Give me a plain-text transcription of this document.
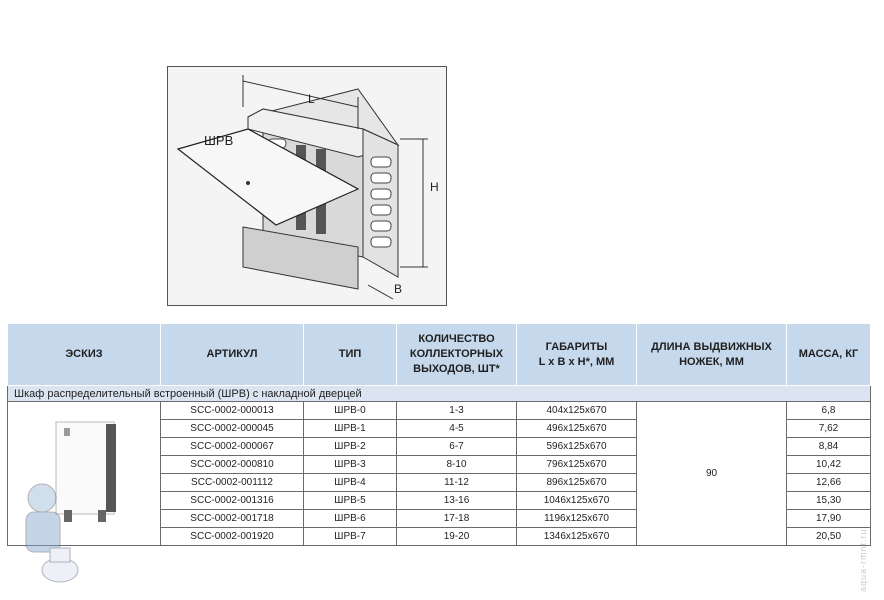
L
H
B
ШРВ
ЭСКИЗ	АРТИКУЛ	ТИП	КОЛИЧЕСТВО
КОЛЛЕКТОРНЫХ
ВЫХОДОВ, ШТ*	ГАБАРИТЫ
L x B x H*, ММ	ДЛИНА ВЫДВИЖНЫХ
НОЖЕК, ММ	МАССА, КГ
Шкаф распределительный встроенный (ШРВ) с накладной дверцей						
	SCC-0002-000013	ШРВ-0	1-3	404x125x670	90	6,8
	SCC-0002-000045	ШРВ-1	4-5	496x125x670		7,62
	SCC-0002-000067	ШРВ-2	6-7	596x125x670		8,84
	SCC-0002-000810	ШРВ-3	8-10	796x125x670		10,42
	SCC-0002-001112	ШРВ-4	11-12	896x125x670		12,66
	SCC-0002-001316	ШРВ-5	13-16	1046x125x670		15,30
	SCC-0002-001718	ШРВ-6	17-18	1196x125x670		17,90
	SCC-0002-001920	ШРВ-7	19-20	1346x125x670		20,50 aqua-rmnt.ru
